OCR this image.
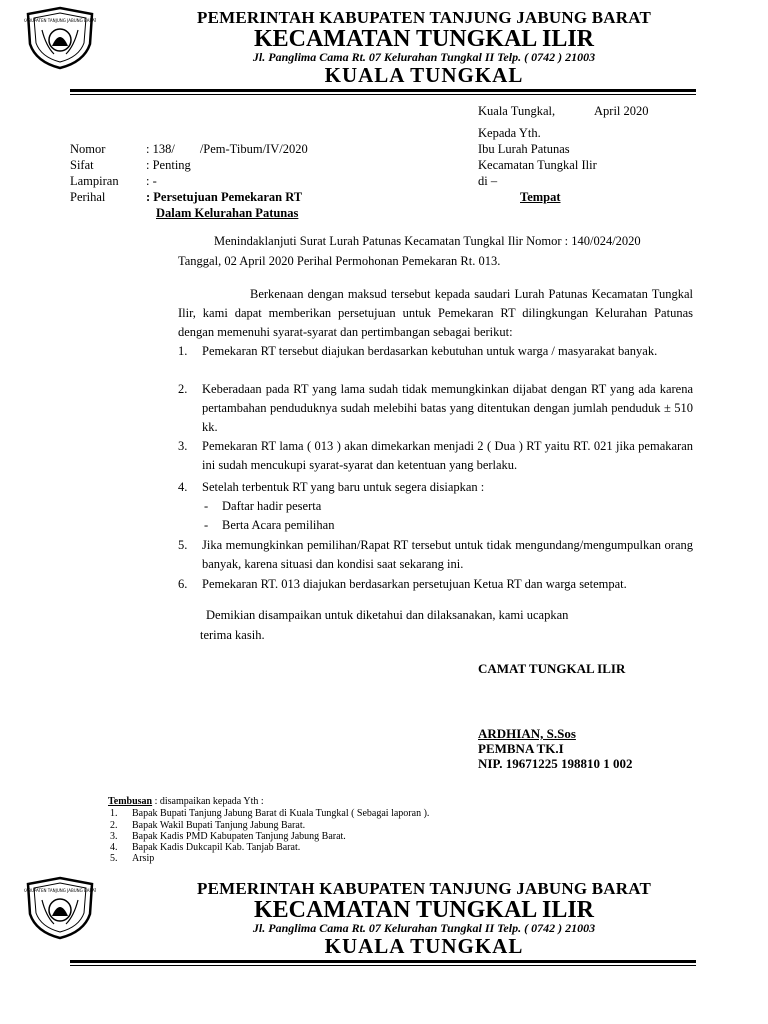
KABUPATEN TANJUNG JABUNG BARAT	PEMERINTAH KABUPATEN TANJUNG JABUNG BARAT
KECAMATAN TUNGKAL ILIR
Jl. Panglima Cama Rt. 07 Kelurahan Tungkal II Telp. ( 0742 ) 21003
KUALA TUNGKAL
Kuala Tungkal,	April 2020
Kepada Yth.
Ibu Lurah Patunas
Kecamatan Tungkal Ilir
di –
Tempat
Nomor	: 138/        /Pem-Tibum/IV/2020
Sifat	: Penting
Lampiran : -
Perihal	: Persetujuan Pemekaran RT
Dalam Kelurahan Patunas
Menindaklanjuti Surat Lurah Patunas Kecamatan Tungkal Ilir Nomor : 140/024/2020
Tanggal, 02 April 2020 Perihal Permohonan Pemekaran Rt. 013.
Berkenaan dengan maksud tersebut kepada saudari Lurah Patunas Kecamatan Tungkal Ilir, kami dapat memberikan persetujuan untuk Pemekaran RT dilingkungan Kelurahan Patunas dengan memenuhi syarat-syarat dan pertimbangan sebagai berikut:
1. Pemekaran RT tersebut diajukan berdasarkan kebutuhan untuk warga / masyarakat banyak.
2. Keberadaan pada RT yang lama sudah tidak memungkinkan dijabat dengan RT yang ada karena pertambahan penduduknya sudah melebihi batas yang ditentukan dengan jumlah penduduk ± 510 kk.
3. Pemekaran RT lama ( 013 ) akan dimekarkan menjadi 2 ( Dua ) RT yaitu RT. 021 jika pemakaran ini sudah mencukupi syarat-syarat dan ketentuan yang berlaku.
4. Setelah terbentuk RT yang baru untuk segera disiapkan :
- Daftar hadir peserta
- Berta Acara pemilihan
5. Jika memungkinkan pemilihan/Rapat RT tersebut untuk tidak mengundang/mengumpulkan orang banyak, karena situasi dan kondisi saat sekarang ini.
6. Pemekaran RT. 013 diajukan berdasarkan persetujuan Ketua RT dan warga setempat.
Demikian disampaikan untuk diketahui dan dilaksanakan, kami ucapkan
terima kasih.
CAMAT TUNGKAL ILIR
ARDHIAN, S.Sos
PEMBNA TK.I
NIP. 19671225 198810 1 002
Tembusan : disampaikan kepada Yth :
1. Bapak Bupati Tanjung Jabung Barat di Kuala Tungkal ( Sebagai laporan ).
2. Bapak Wakil Bupati Tanjung Jabung Barat.
3. Bapak Kadis PMD Kabupaten Tanjung Jabung Barat.
4. Bapak Kadis Dukcapil Kab. Tanjab Barat.
5. Arsip
KABUPATEN TANJUNG JABUNG BARAT	PEMERINTAH KABUPATEN TANJUNG JABUNG BARAT
KECAMATAN TUNGKAL ILIR
Jl. Panglima Cama Rt. 07 Kelurahan Tungkal II Telp. ( 0742 ) 21003
KUALA TUNGKAL
